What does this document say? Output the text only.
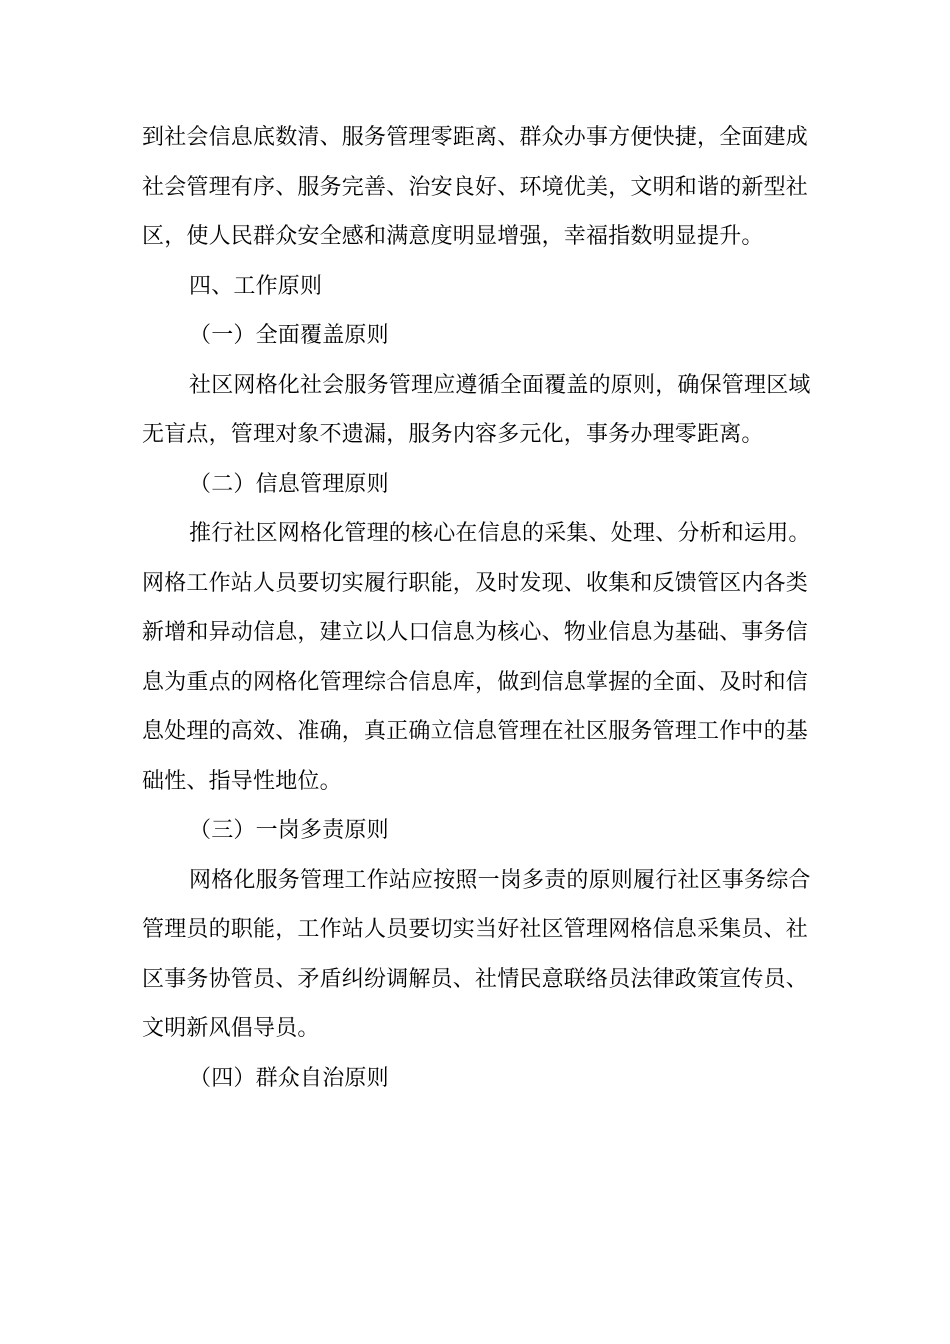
到社会信息底数清、服务管理零距离、群众办事方便快捷，全面建成
社会管理有序、服务完善、治安良好、环境优美，文明和谐的新型社
区，使人民群众安全感和满意度明显增强，幸福指数明显提升。
四、工作原则
（一）全面覆盖原则
社区网格化社会服务管理应遵循全面覆盖的原则，确保管理区域
无盲点，管理对象不遗漏，服务内容多元化，事务办理零距离。
（二）信息管理原则
推行社区网格化管理的核心在信息的采集、处理、分析和运用。
网格工作站人员要切实履行职能，及时发现、收集和反馈管区内各类
新增和异动信息，建立以人口信息为核心、物业信息为基础、事务信
息为重点的网格化管理综合信息库，做到信息掌握的全面、及时和信
息处理的高效、准确，真正确立信息管理在社区服务管理工作中的基
础性、指导性地位。
（三）一岗多责原则
网格化服务管理工作站应按照一岗多责的原则履行社区事务综合
管理员的职能，工作站人员要切实当好社区管理网格信息采集员、社
区事务协管员、矛盾纠纷调解员、社情民意联络员法律政策宣传员、
文明新风倡导员。
（四）群众自治原则
